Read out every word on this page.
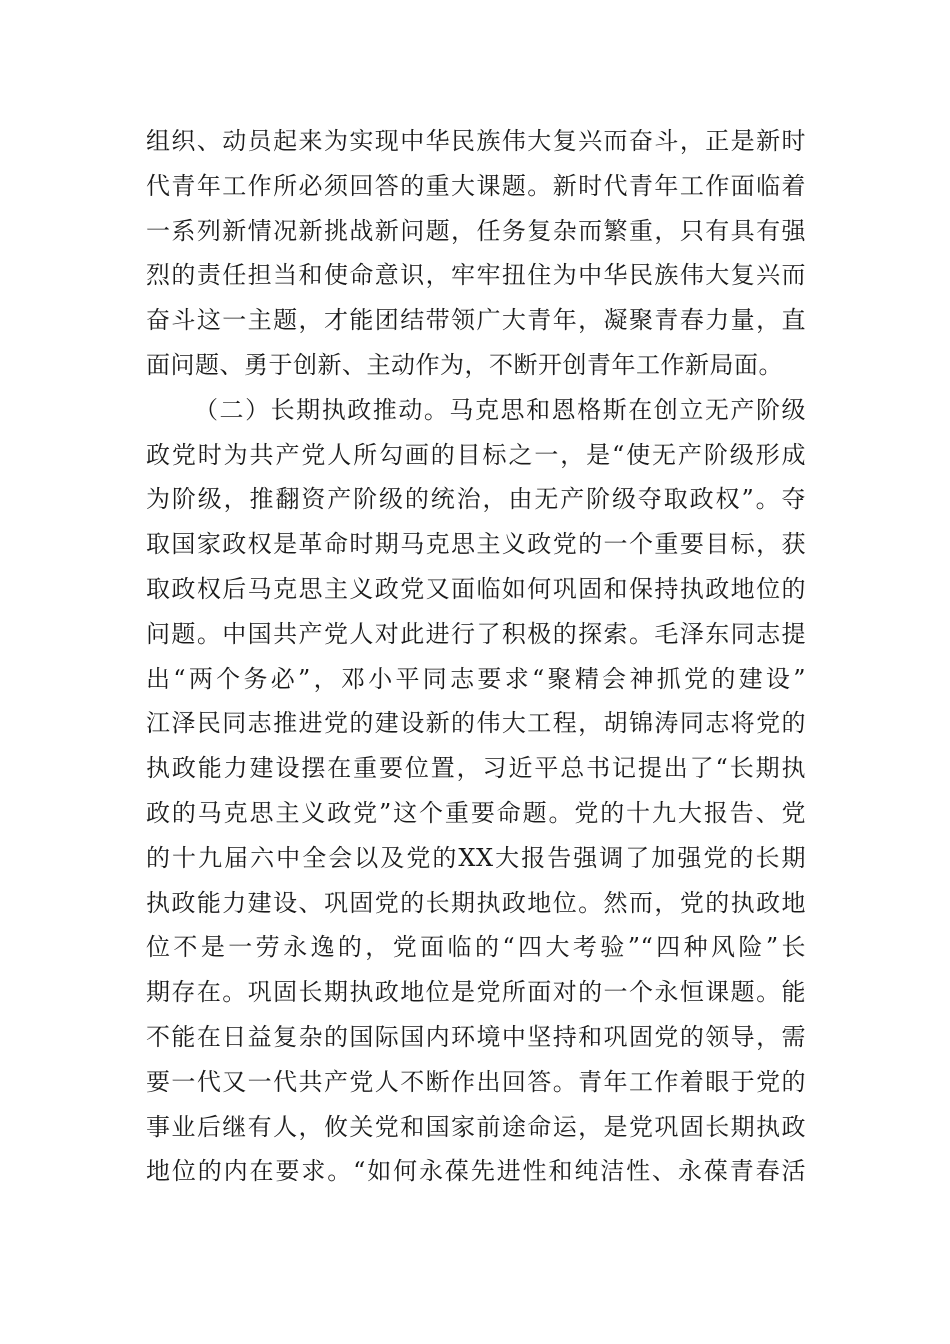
组织、动员起来为实现中华民族伟大复兴而奋斗，正是新时
代青年工作所必须回答的重大课题。新时代青年工作面临着
一系列新情况新挑战新问题，任务复杂而繁重，只有具有强
烈的责任担当和使命意识，牢牢扭住为中华民族伟大复兴而
奋斗这一主题，才能团结带领广大青年，凝聚青春力量，直
面问题、勇于创新、主动作为，不断开创青年工作新局面。
（二）长期执政推动。马克思和恩格斯在创立无产阶级
政党时为共产党人所勾画的目标之一，是“使无产阶级形成
为阶级，推翻资产阶级的统治，由无产阶级夺取政权”。夺
取国家政权是革命时期马克思主义政党的一个重要目标，获
取政权后马克思主义政党又面临如何巩固和保持执政地位的
问题。中国共产党人对此进行了积极的探索。毛泽东同志提
出“两个务必”，邓小平同志要求“聚精会神抓党的建设”
江泽民同志推进党的建设新的伟大工程，胡锦涛同志将党的
执政能力建设摆在重要位置，习近平总书记提出了“长期执
政的马克思主义政党”这个重要命题。党的十九大报告、党
的十九届六中全会以及党的XX大报告强调了加强党的长期
执政能力建设、巩固党的长期执政地位。然而，党的执政地
位不是一劳永逸的，党面临的“四大考验”“四种风险”长
期存在。巩固长期执政地位是党所面对的一个永恒课题。能
不能在日益复杂的国际国内环境中坚持和巩固党的领导，需
要一代又一代共产党人不断作出回答。青年工作着眼于党的
事业后继有人，攸关党和国家前途命运，是党巩固长期执政
地位的内在要求。“如何永葆先进性和纯洁性、永葆青春活
